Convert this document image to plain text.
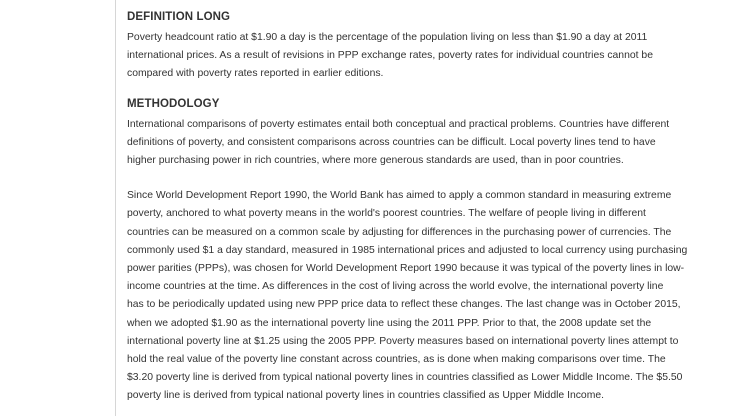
DEFINITION LONG

Poverty headcount ratio at $1.90 a day is the percentage of the population living on less than $1.90 a day at 2011
international prices. As a result of revisions in PPP exchange rates, poverty rates for individual countries cannot be
compared with poverty rates reported in earlier editions.

METHODOLOGY

International comparisons of poverty estimates entail both conceptual and practical problems. Countries have different
definitions of poverty, and consistent comparisons across countries can be difficult. Local poverty lines tend to have
higher purchasing power in rich countries, where more generous standards are used, than in poor countries.

Since World Development Report 1990, the World Bank has aimed to apply a common standard in measuring extreme
poverty, anchored to what poverty means in the world's poorest countries. The welfare of people living in different
countries can be measured on a common scale by adjusting for differences in the purchasing power of currencies. The
commonly used $1 a day standard, measured in 1985 international prices and adjusted to local currency using purchasing
power parities (PPPs), was chosen for World Development Report 1990 because it was typical of the poverty lines in low-
income countries at the time. As differences in the cost of living across the world evolve, the international poverty line
has to be periodically updated using new PPP price data to reflect these changes. The last change was in October 2015,
when we adopted $1.90 as the international poverty line using the 2011 PPP. Prior to that, the 2008 update set the
international poverty line at $1.25 using the 2005 PPP. Poverty measures based on international poverty lines attempt to
hold the real value of the poverty line constant across countries, as is done when making comparisons over time. The
$3.20 poverty line is derived from typical national poverty lines in countries classified as Lower Middle Income. The $5.50
poverty line is derived from typical national poverty lines in countries classified as Upper Middle Income.
